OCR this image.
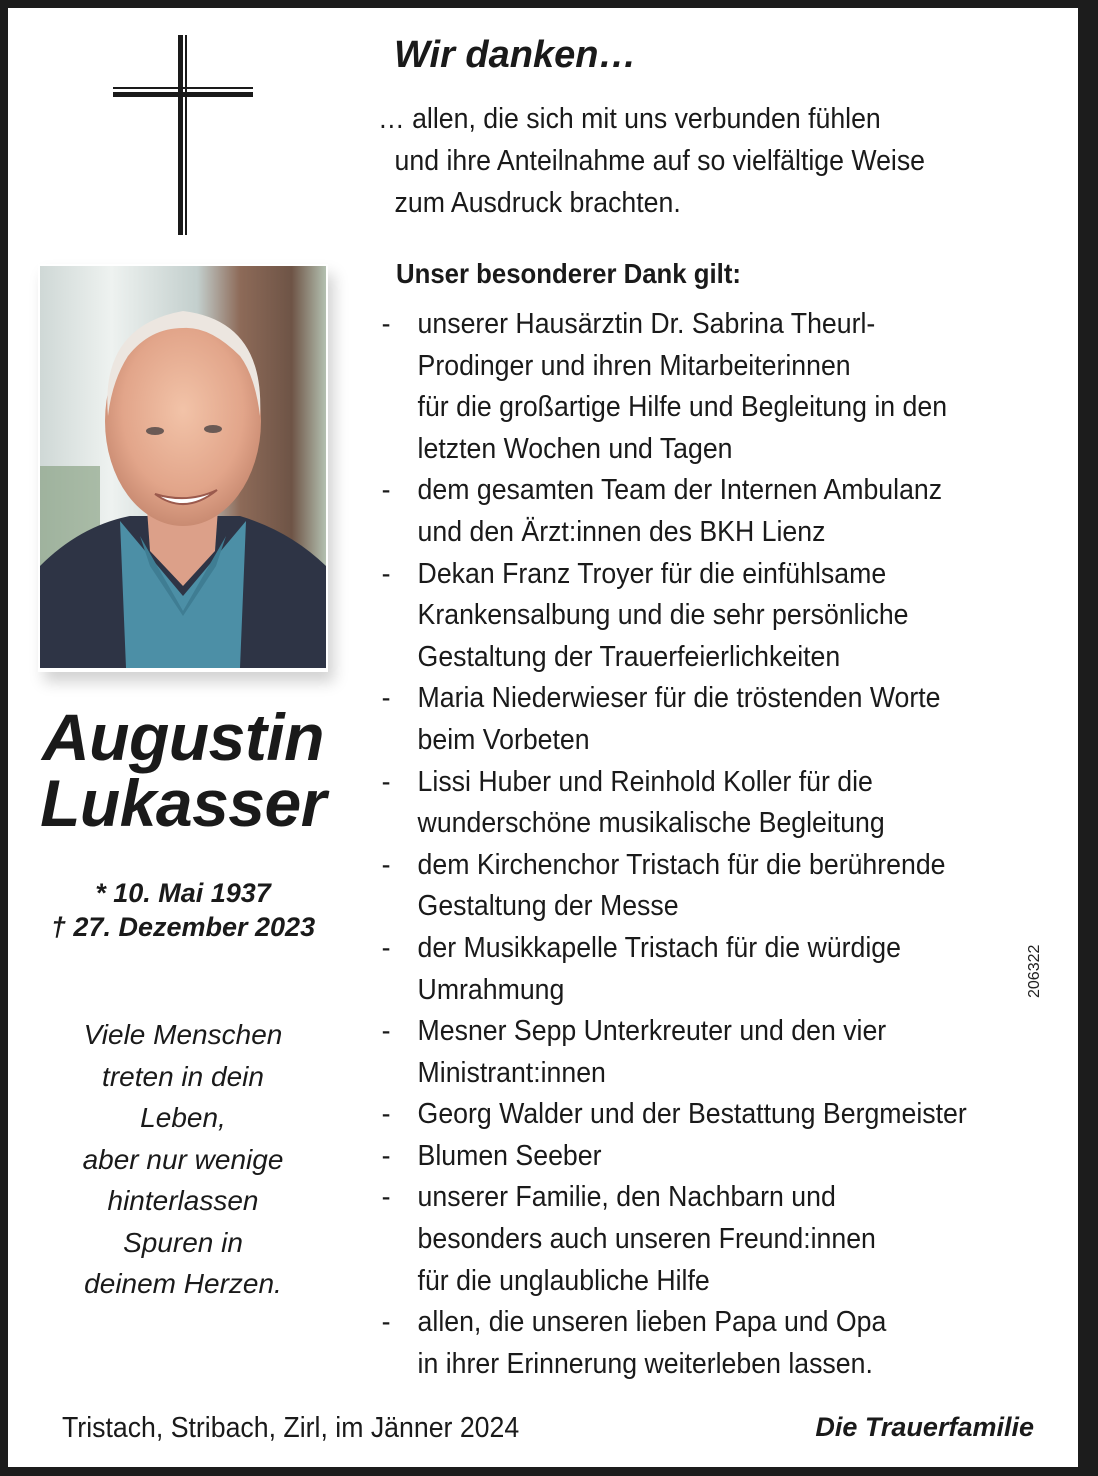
Augustin
Lukasser
* 10. Mai 1937
† 27. Dezember 2023
Viele Menschen
treten in dein
Leben,
aber nur wenige
hinterlassen
Spuren in
deinem Herzen.
Wir danken…
… allen, die sich mit uns verbunden fühlen
und ihre Anteilnahme auf so vielfältige Weise
zum Ausdruck brachten.
Unser besonderer Dank gilt:
- unserer Hausärztin Dr. Sabrina Theurl-
Prodinger und ihren Mitarbeiterinnen
für die großartige Hilfe und Begleitung in den
letzten Wochen und Tagen
- dem gesamten Team der Internen Ambulanz
und den Ärzt:innen des BKH Lienz
- Dekan Franz Troyer für die einfühlsame
Krankensalbung und die sehr persönliche
Gestaltung der Trauerfeierlichkeiten
- Maria Niederwieser für die tröstenden Worte
beim Vorbeten
- Lissi Huber und Reinhold Koller für die
wunderschöne musikalische Begleitung
- dem Kirchenchor Tristach für die berührende
Gestaltung der Messe
- der Musikkapelle Tristach für die würdige
Umrahmung
- Mesner Sepp Unterkreuter und den vier
Ministrant:innen
- Georg Walder und der Bestattung Bergmeister
- Blumen Seeber
- unserer Familie, den Nachbarn und
besonders auch unseren Freund:innen
für die unglaubliche Hilfe
- allen, die unseren lieben Papa und Opa
in ihrer Erinnerung weiterleben lassen.
206322
Tristach, Stribach, Zirl, im Jänner 2024	Die Trauerfamilie
